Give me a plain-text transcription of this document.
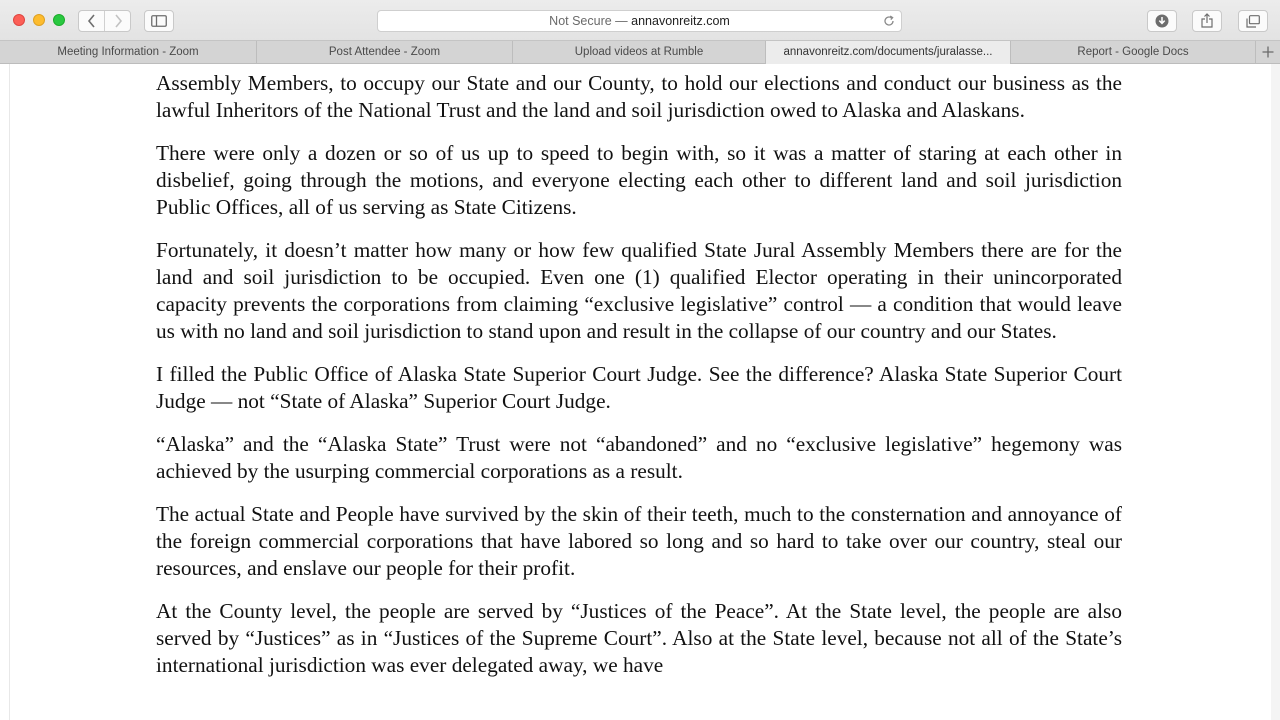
Not Secure — annavonreitz.com
Meeting Information - Zoom	Post Attendee - Zoom	Upload videos at Rumble	annavonreitz.com/documents/juralasse...	Report - Google Docs

Assembly Members, to occupy our State and our County, to hold our elections and conduct our business as the lawful Inheritors of the National Trust and the land and soil jurisdiction owed to Alaska and Alaskans.

There were only a dozen or so of us up to speed to begin with, so it was a matter of staring at each other in disbelief, going through the motions, and everyone electing each other to different land and soil jurisdiction Public Offices, all of us serving as State Citizens.

Fortunately, it doesn’t matter how many or how few qualified State Jural Assembly Members there are for the land and soil jurisdiction to be occupied. Even one (1) qualified Elector operating in their unincorporated capacity prevents the corporations from claiming “exclusive legislative” control — a condition that would leave us with no land and soil jurisdiction to stand upon and result in the collapse of our country and our States.

I filled the Public Office of Alaska State Superior Court Judge. See the difference? Alaska State Superior Court Judge — not “State of Alaska” Superior Court Judge.

“Alaska” and the “Alaska State” Trust were not “abandoned” and no “exclusive legislative” hegemony was achieved by the usurping commercial corporations as a result.

The actual State and People have survived by the skin of their teeth, much to the consternation and annoyance of the foreign commercial corporations that have labored so long and so hard to take over our country, steal our resources, and enslave our people for their profit.

At the County level, the people are served by “Justices of the Peace”. At the State level, the people are also served by “Justices” as in “Justices of the Supreme Court”. Also at the State level, because not all of the State’s international jurisdiction was ever delegated away, we have
